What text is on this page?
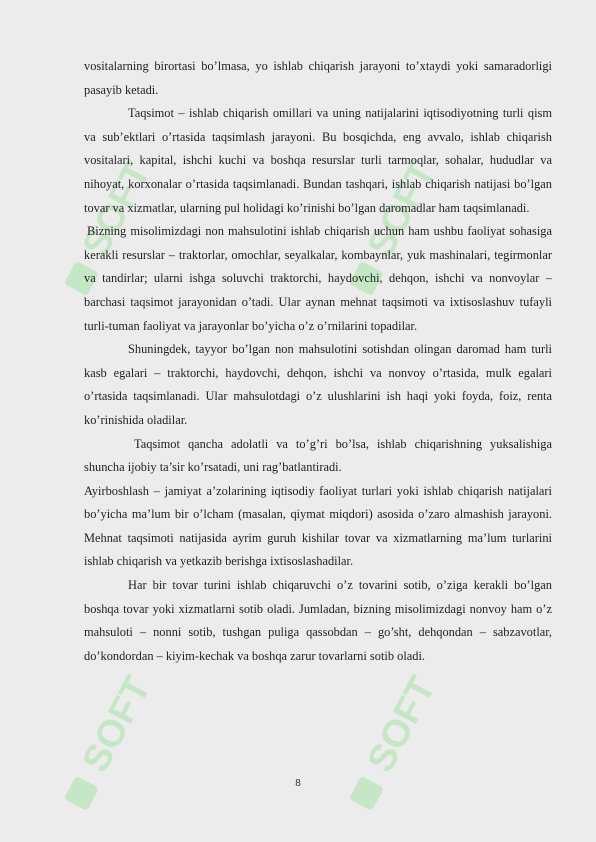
SOFT	SOFT
SOFT	SOFT

vositalarning birortasi bo’lmasa, yo ishlab chiqarish jarayoni to’xtaydi yoki samaradorligi pasayib ketadi.

Taqsimot – ishlab chiqarish omillari va uning natijalarini iqtisodiyotning turli qism va sub’ektlari o’rtasida taqsimlash jarayoni. Bu bosqichda, eng avvalo, ishlab chiqarish vositalari, kapital, ishchi kuchi va boshqa resurslar turli tarmoqlar, sohalar, hududlar va nihoyat, korxonalar o’rtasida taqsimlanadi. Bundan tashqari, ishlab chiqarish natijasi bo’lgan tovar va xizmatlar, ularning pul holidagi ko’rinishi bo’lgan daromadlar ham taqsimlanadi.

Bizning misolimizdagi non mahsulotini ishlab chiqarish uchun ham ushbu faoliyat sohasiga kerakli resurslar – traktorlar, omochlar, seyalkalar, kombaynlar, yuk mashinalari, tegirmonlar va tandirlar; ularni ishga soluvchi traktorchi, haydovchi, dehqon, ishchi va nonvoylar – barchasi taqsimot jarayonidan o’tadi. Ular aynan mehnat taqsimoti va ixtisoslashuv tufayli turli-tuman faoliyat va jarayonlar bo’yicha o’z o’rnilarini topadilar.

Shuningdek, tayyor bo’lgan non mahsulotini sotishdan olingan daromad ham turli kasb egalari – traktorchi, haydovchi, dehqon, ishchi va nonvoy o’rtasida, mulk egalari o’rtasida taqsimlanadi. Ular mahsulotdagi o’z ulushlarini ish haqi yoki foyda, foiz, renta ko’rinishida oladilar.

Taqsimot qancha adolatli va to’g’ri bo’lsa, ishlab chiqarishning yuksalishiga shuncha ijobiy ta’sir ko’rsatadi, uni rag’batlantiradi.

Ayirboshlash – jamiyat a’zolarining iqtisodiy faoliyat turlari yoki ishlab chiqarish natijalari bo’yicha ma’lum bir o’lcham (masalan, qiymat miqdori) asosida o’zaro almashish jarayoni. Mehnat taqsimoti natijasida ayrim guruh kishilar tovar va xizmatlarning ma’lum turlarini ishlab chiqarish va yetkazib berishga ixtisoslashadilar.

Har bir tovar turini ishlab chiqaruvchi o’z tovarini sotib, o’ziga kerakli bo’lgan boshqa tovar yoki xizmatlarni sotib oladi. Jumladan, bizning misolimizdagi nonvoy ham o’z mahsuloti – nonni sotib, tushgan puliga qassobdan – go’sht, dehqondan – sabzavotlar, do’kondordan – kiyim-kechak va boshqa zarur tovarlarni sotib oladi.

8
